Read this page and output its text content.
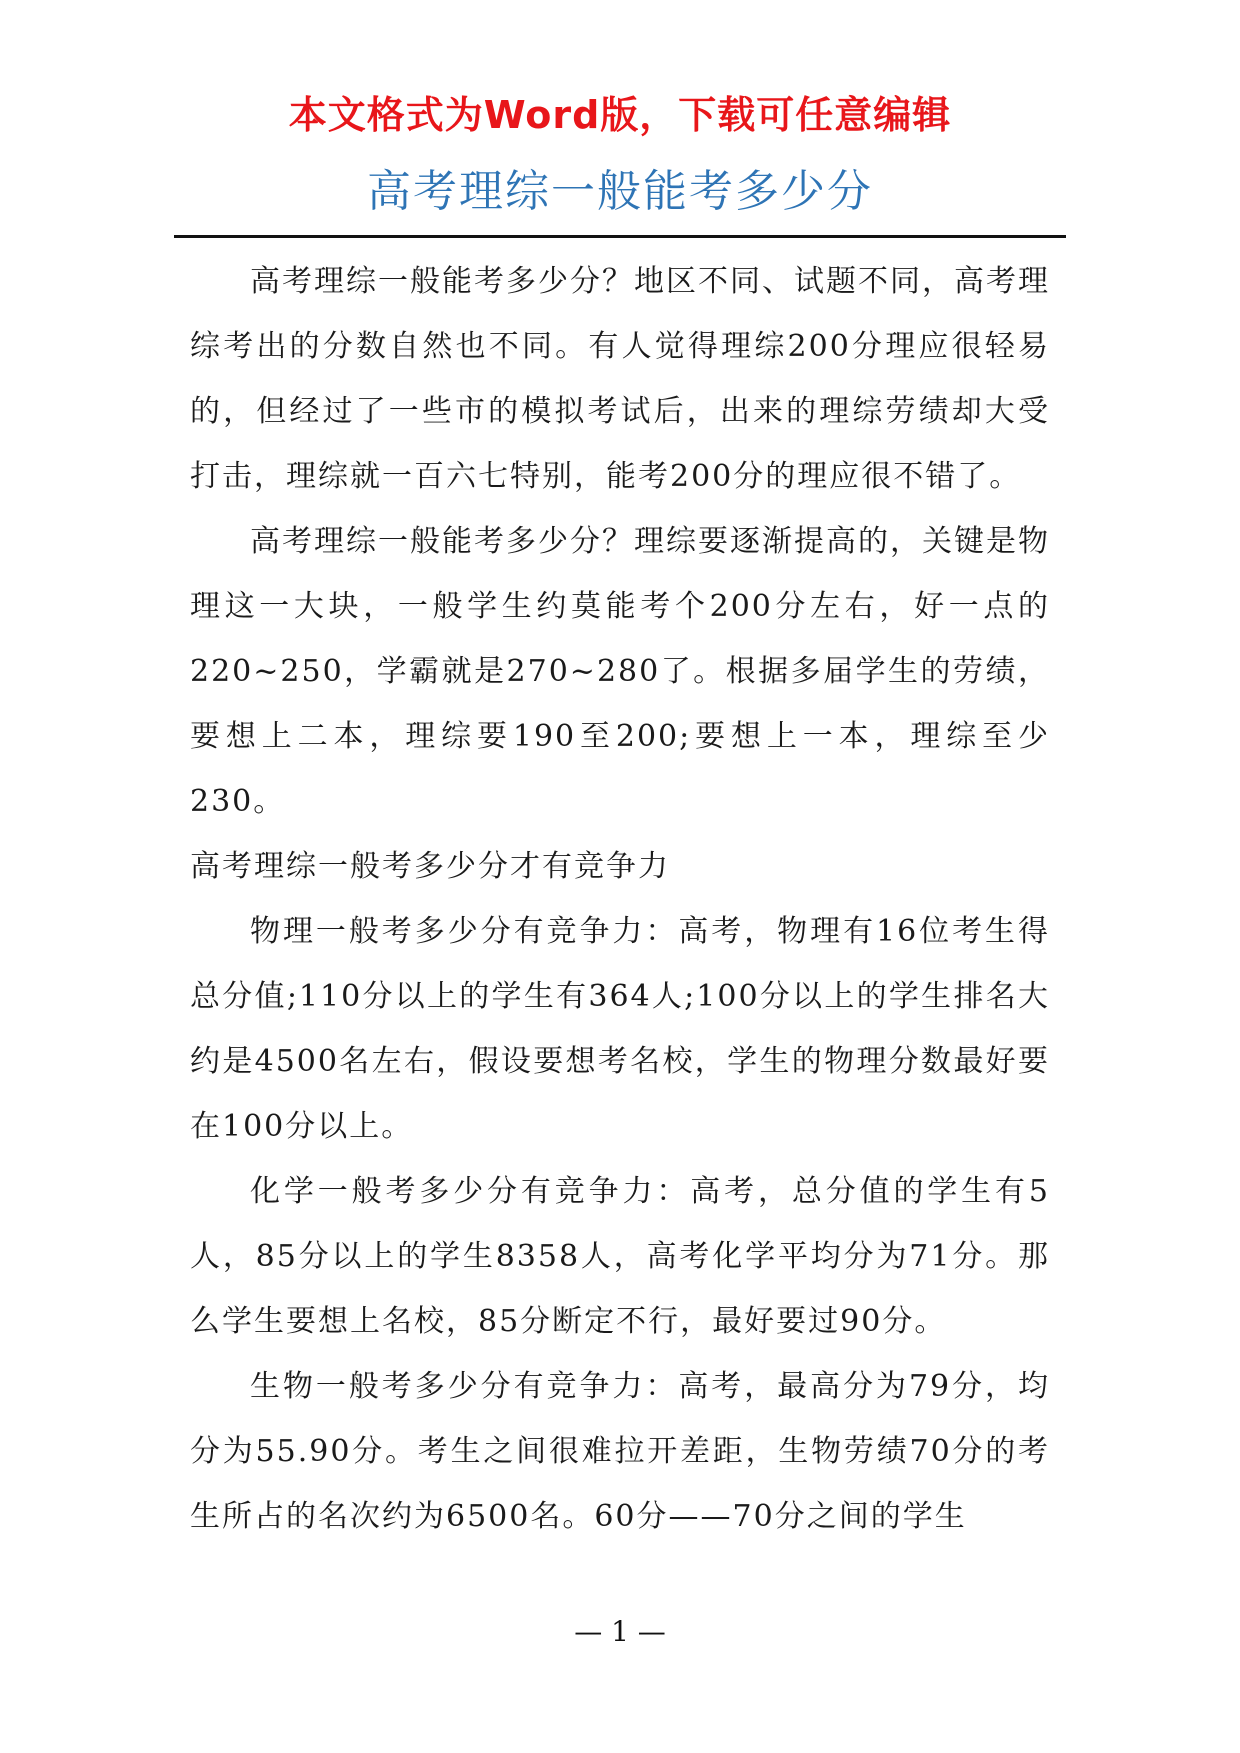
本文格式为Word版，下载可任意编辑
高考理综一般能考多少分

高考理综一般能考多少分？地区不同、试题不同，高考理综考出的分数自然也不同。有人觉得理综200分理应很轻易的，但经过了一些市的模拟考试后，出来的理综劳绩却大受打击，理综就一百六七特别，能考200分的理应很不错了。

高考理综一般能考多少分？理综要逐渐提高的，关键是物理这一大块，一般学生约莫能考个200分左右，好一点的220~250，学霸就是270~280了。根据多届学生的劳绩，要想上二本，理综要190至200;要想上一本，理综至少230。

高考理综一般考多少分才有竞争力

物理一般考多少分有竞争力：高考，物理有16位考生得总分值;110分以上的学生有364人;100分以上的学生排名大约是4500名左右，假设要想考名校，学生的物理分数最好要在100分以上。

化学一般考多少分有竞争力：高考，总分值的学生有5人，85分以上的学生8358人，高考化学平均分为71分。那么学生要想上名校，85分断定不行，最好要过90分。

生物一般考多少分有竞争力：高考，最高分为79分，均分为55.90分。考生之间很难拉开差距，生物劳绩70分的考生所占的名次约为6500名。60分——70分之间的学生

— 1 —
